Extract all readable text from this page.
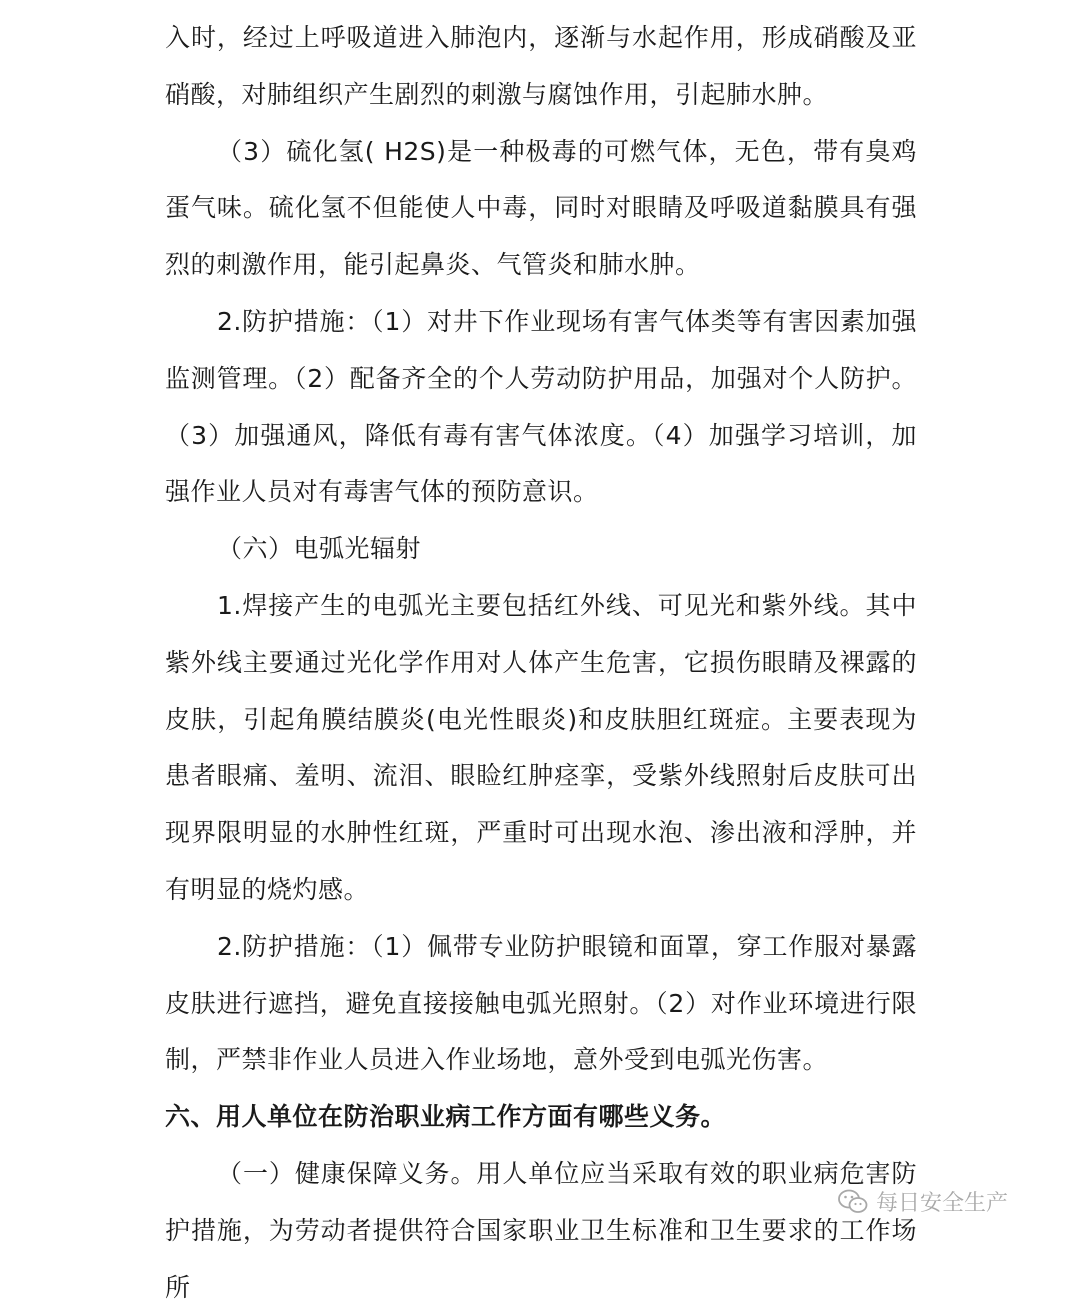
入时，经过上呼吸道进入肺泡内，逐渐与水起作用，形成硝酸及亚硝酸，对肺组织产生剧烈的刺激与腐蚀作用，引起肺水肿。

（3）硫化氢( H2S)是一种极毒的可燃气体，无色，带有臭鸡蛋气味。硫化氢不但能使人中毒，同时对眼睛及呼吸道黏膜具有强烈的刺激作用，能引起鼻炎、气管炎和肺水肿。

2.防护措施：（1）对井下作业现场有害气体类等有害因素加强监测管理。（2）配备齐全的个人劳动防护用品，加强对个人防护。（3）加强通风，降低有毒有害气体浓度。（4）加强学习培训，加强作业人员对有毒害气体的预防意识。

（六）电弧光辐射

1.焊接产生的电弧光主要包括红外线、可见光和紫外线。其中紫外线主要通过光化学作用对人体产生危害，它损伤眼睛及裸露的皮肤，引起角膜结膜炎(电光性眼炎)和皮肤胆红斑症。主要表现为患者眼痛、羞明、流泪、眼睑红肿痉挛，受紫外线照射后皮肤可出现界限明显的水肿性红斑，严重时可出现水泡、渗出液和浮肿，并有明显的烧灼感。

2.防护措施：（1）佩带专业防护眼镜和面罩，穿工作服对暴露皮肤进行遮挡，避免直接接触电弧光照射。（2）对作业环境进行限制，严禁非作业人员进入作业场地，意外受到电弧光伤害。

六、用人单位在防治职业病工作方面有哪些义务。

（一）健康保障义务。用人单位应当采取有效的职业病危害防护措施，为劳动者提供符合国家职业卫生标准和卫生要求的工作场所

每日安全生产
